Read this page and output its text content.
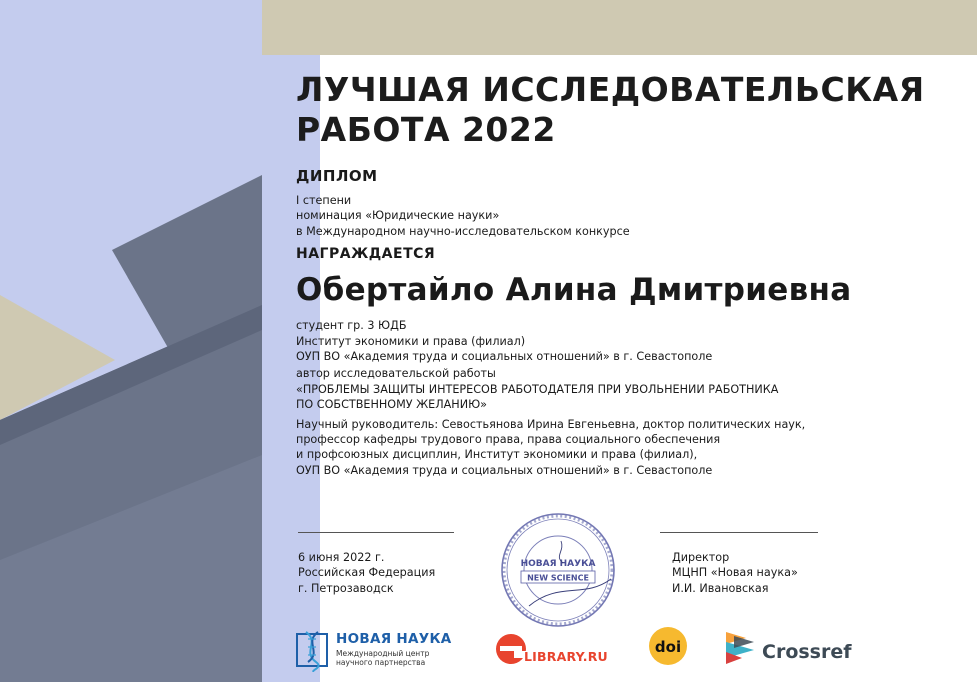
ЛУЧШАЯ ИССЛЕДОВАТЕЛЬСКАЯ
РАБОТА 2022
ДИПЛОМ
I степени
номинация «Юридические науки»
в Международном научно-исследовательском конкурсе
НАГРАЖДАЕТСЯ
Обертайло Алина Дмитриевна
студент гр. 3 ЮДБ
Институт экономики и права (филиал)
ОУП ВО «Академия труда и социальных отношений» в г. Севастополе
автор исследовательской работы
«ПРОБЛЕМЫ ЗАЩИТЫ ИНТЕРЕСОВ РАБОТОДАТЕЛЯ ПРИ УВОЛЬНЕНИИ РАБОТНИКА
ПО СОБСТВЕННОМУ ЖЕЛАНИЮ»
Научный руководитель: Севостьянова Ирина Евгеньевна, доктор политических наук,
профессор кафедры трудового права, права социального обеспечения
и профсоюзных дисциплин, Институт экономики и права (филиал),
ОУП ВО «Академия труда и социальных отношений» в г. Севастополе
6 июня 2022 г.
Российская Федерация
г. Петрозаводск
Директор
МЦНП «Новая наука»
И.И. Ивановская
НОВАЯ НАУКА
NEW SCIENCE
НОВАЯ НАУКА
Международный центр
научного партнерства	LIBRARY.RU
doi	Crossref
